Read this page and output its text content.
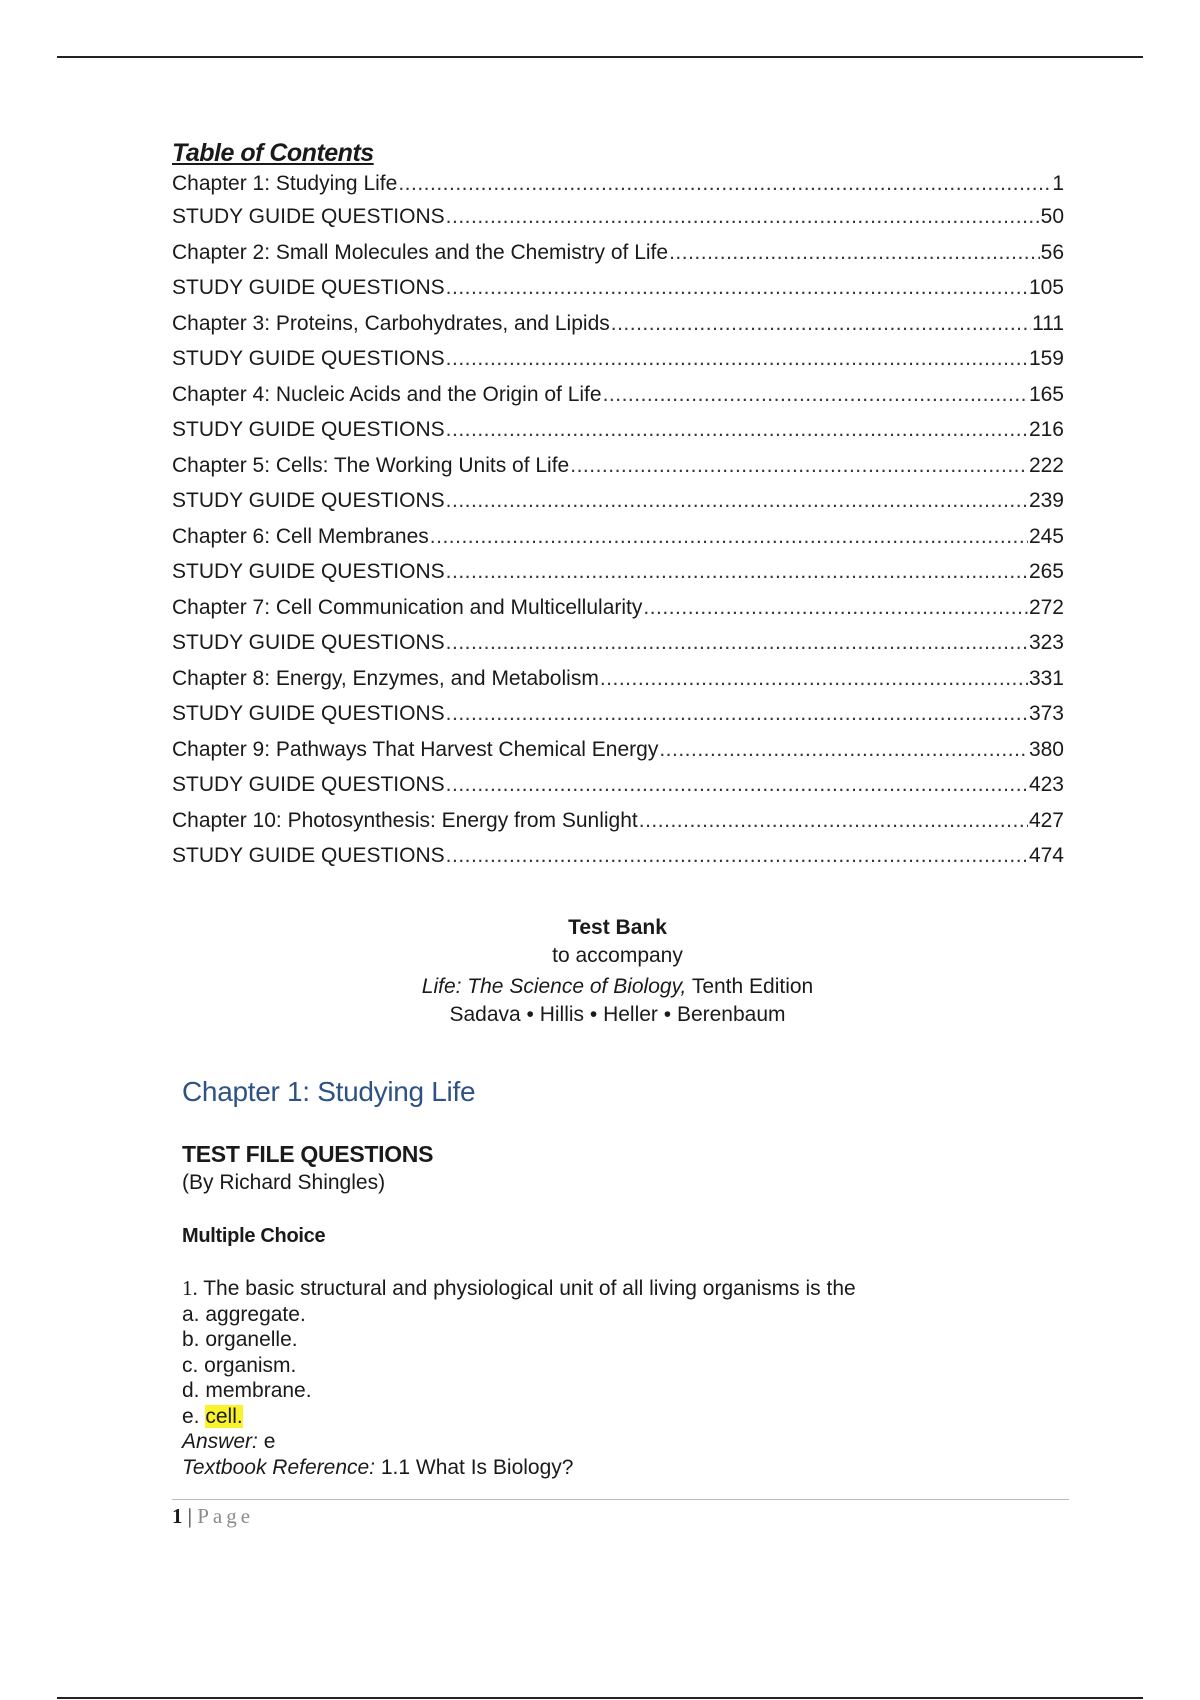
Table of Contents
Chapter 1: Studying Life .....	1
STUDY GUIDE QUESTIONS .....	50
Chapter 2: Small Molecules and the Chemistry of Life .....	56
STUDY GUIDE QUESTIONS .....	105
Chapter 3: Proteins, Carbohydrates, and Lipids .....	111
STUDY GUIDE QUESTIONS .....	159
Chapter 4: Nucleic Acids and the Origin of Life .....	165
STUDY GUIDE QUESTIONS .....	216
Chapter 5: Cells: The Working Units of Life .....	222
STUDY GUIDE QUESTIONS .....	239
Chapter 6: Cell Membranes .....	245
STUDY GUIDE QUESTIONS .....	265
Chapter 7: Cell Communication and Multicellularity .....	272
STUDY GUIDE QUESTIONS .....	323
Chapter 8: Energy, Enzymes, and Metabolism .....	331
STUDY GUIDE QUESTIONS .....	373
Chapter 9: Pathways That Harvest Chemical Energy .....	380
STUDY GUIDE QUESTIONS .....	423
Chapter 10: Photosynthesis: Energy from Sunlight .....	427
STUDY GUIDE QUESTIONS .....	474
Test Bank
to accompany
Life: The Science of Biology, Tenth Edition
Sadava • Hillis • Heller • Berenbaum
Chapter 1: Studying Life
TEST FILE QUESTIONS
(By Richard Shingles)
Multiple Choice
1. The basic structural and physiological unit of all living organisms is the
a. aggregate.
b. organelle.
c. organism.
d. membrane.
e. cell.
Answer: e
Textbook Reference: 1.1 What Is Biology?
1 | Page
